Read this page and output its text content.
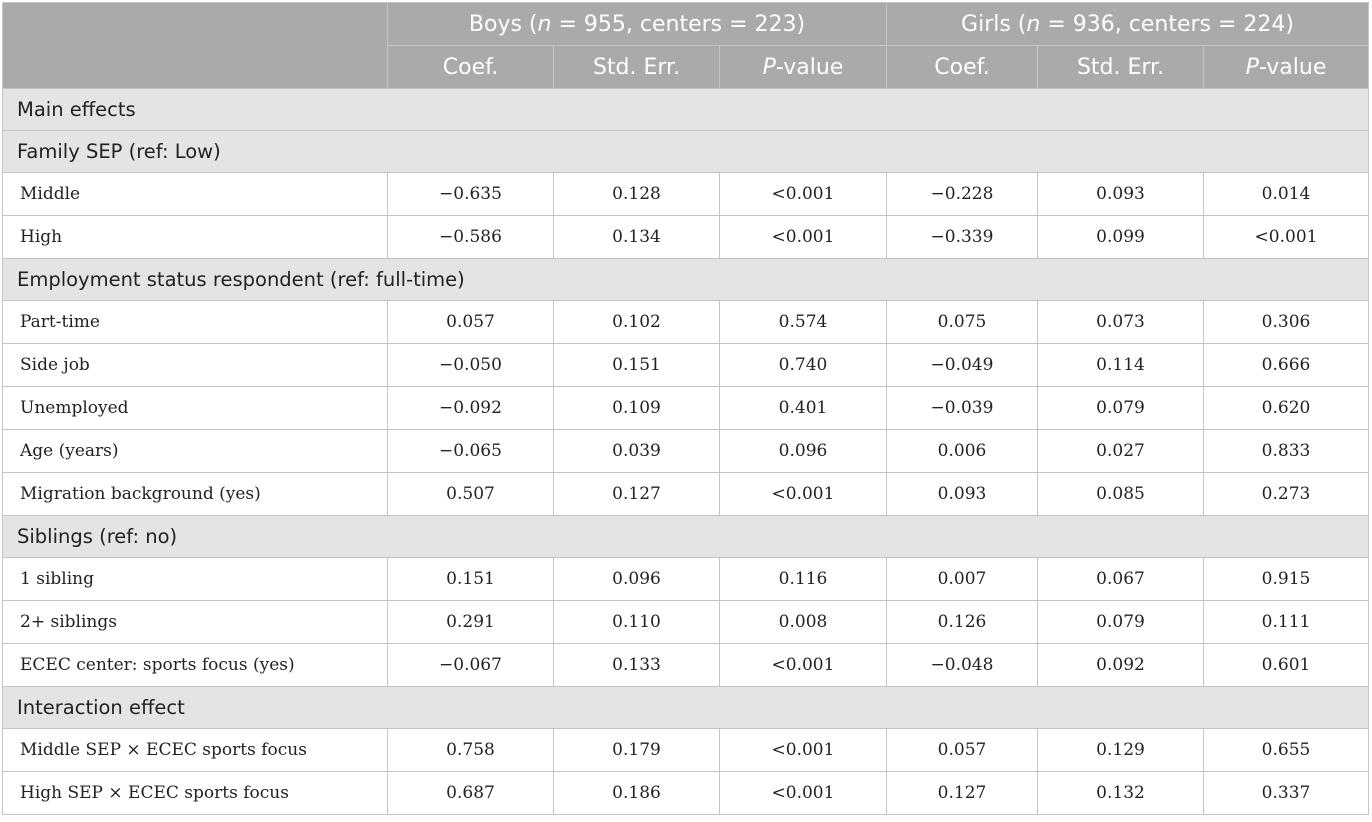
	Boys (n = 955, centers = 223)			Girls (n = 936, centers = 224)		
	Coef.	Std. Err.	P-value	Coef.	Std. Err.	P-value
Main effects						
Family SEP (ref: Low)						
Middle	−0.635	0.128	<0.001	−0.228	0.093	0.014
High	−0.586	0.134	<0.001	−0.339	0.099	<0.001
Employment status respondent (ref: full-time)						
Part-time	0.057	0.102	0.574	0.075	0.073	0.306
Side job	−0.050	0.151	0.740	−0.049	0.114	0.666
Unemployed	−0.092	0.109	0.401	−0.039	0.079	0.620
Age (years)	−0.065	0.039	0.096	0.006	0.027	0.833
Migration background (yes)	0.507	0.127	<0.001	0.093	0.085	0.273
Siblings (ref: no)						
1 sibling	0.151	0.096	0.116	0.007	0.067	0.915
2+ siblings	0.291	0.110	0.008	0.126	0.079	0.111
ECEC center: sports focus (yes)	−0.067	0.133	<0.001	−0.048	0.092	0.601
Interaction effect						
Middle SEP × ECEC sports focus	0.758	0.179	<0.001	0.057	0.129	0.655
High SEP × ECEC sports focus	0.687	0.186	<0.001	0.127	0.132	0.337
